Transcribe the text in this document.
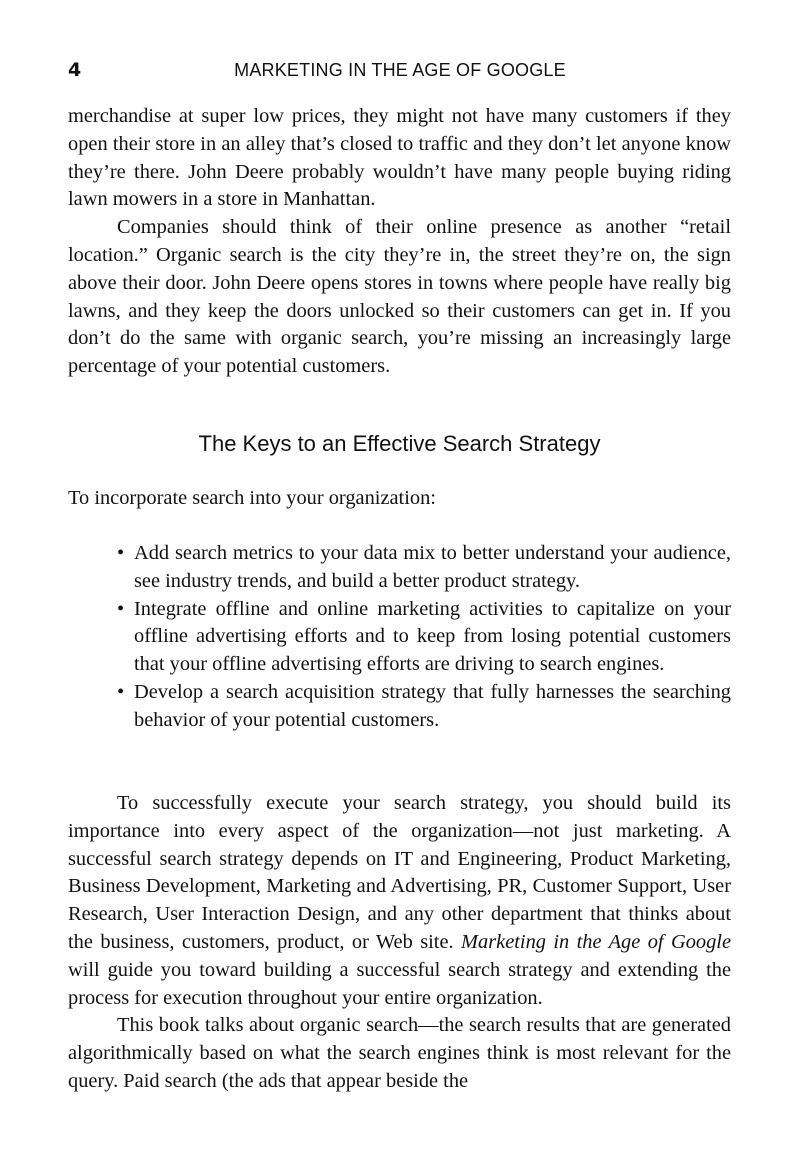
4	MARKETING IN THE AGE OF GOOGLE

merchandise at super low prices, they might not have many customers if they open their store in an alley that’s closed to traffic and they don’t let anyone know they’re there. John Deere probably wouldn’t have many people buying riding lawn mowers in a store in Manhattan.

Companies should think of their online presence as another “retail location.” Organic search is the city they’re in, the street they’re on, the sign above their door. John Deere opens stores in towns where people have really big lawns, and they keep the doors unlocked so their customers can get in. If you don’t do the same with organic search, you’re missing an increasingly large percentage of your potential customers.

The Keys to an Effective Search Strategy

To incorporate search into your organization:

• Add search metrics to your data mix to better understand your audience, see industry trends, and build a better product strategy.
• Integrate offline and online marketing activities to capitalize on your offline advertising efforts and to keep from losing potential customers that your offline advertising efforts are driving to search engines.
• Develop a search acquisition strategy that fully harnesses the searching behavior of your potential customers.

To successfully execute your search strategy, you should build its importance into every aspect of the organization—not just marketing. A successful search strategy depends on IT and Engineering, Product Marketing, Business Development, Marketing and Advertising, PR, Customer Support, User Research, User Interaction Design, and any other department that thinks about the business, customers, product, or Web site. Marketing in the Age of Google will guide you toward building a successful search strategy and extending the process for execution throughout your entire organization.

This book talks about organic search—the search results that are generated algorithmically based on what the search engines think is most relevant for the query. Paid search (the ads that appear beside the
